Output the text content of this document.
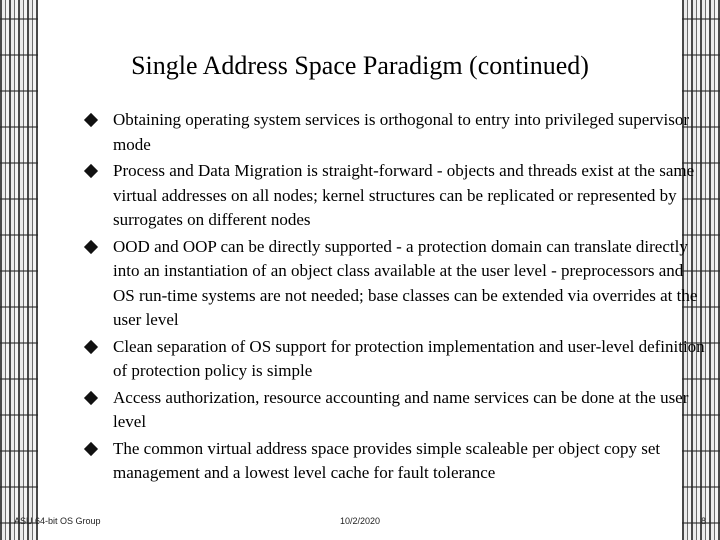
Single Address Space Paradigm (continued)
Obtaining operating system services is orthogonal to entry into privileged supervisor mode
Process and Data Migration is straight-forward - objects and threads exist at the same virtual addresses on all nodes; kernel structures can be replicated or represented by surrogates on different nodes
OOD and OOP can be directly supported - a protection domain can translate directly into an instantiation of an object class available at the user level - preprocessors and OS run-time systems are not needed; base classes can be extended via overrides at the user level
Clean separation of OS support for protection implementation and user-level definition of protection policy is simple
Access authorization, resource accounting and name services can be done at the user level
The common virtual address space provides simple scaleable per object copy set management and a lowest level cache for fault tolerance
ASU 64-bit OS Group	10/2/2020	8
